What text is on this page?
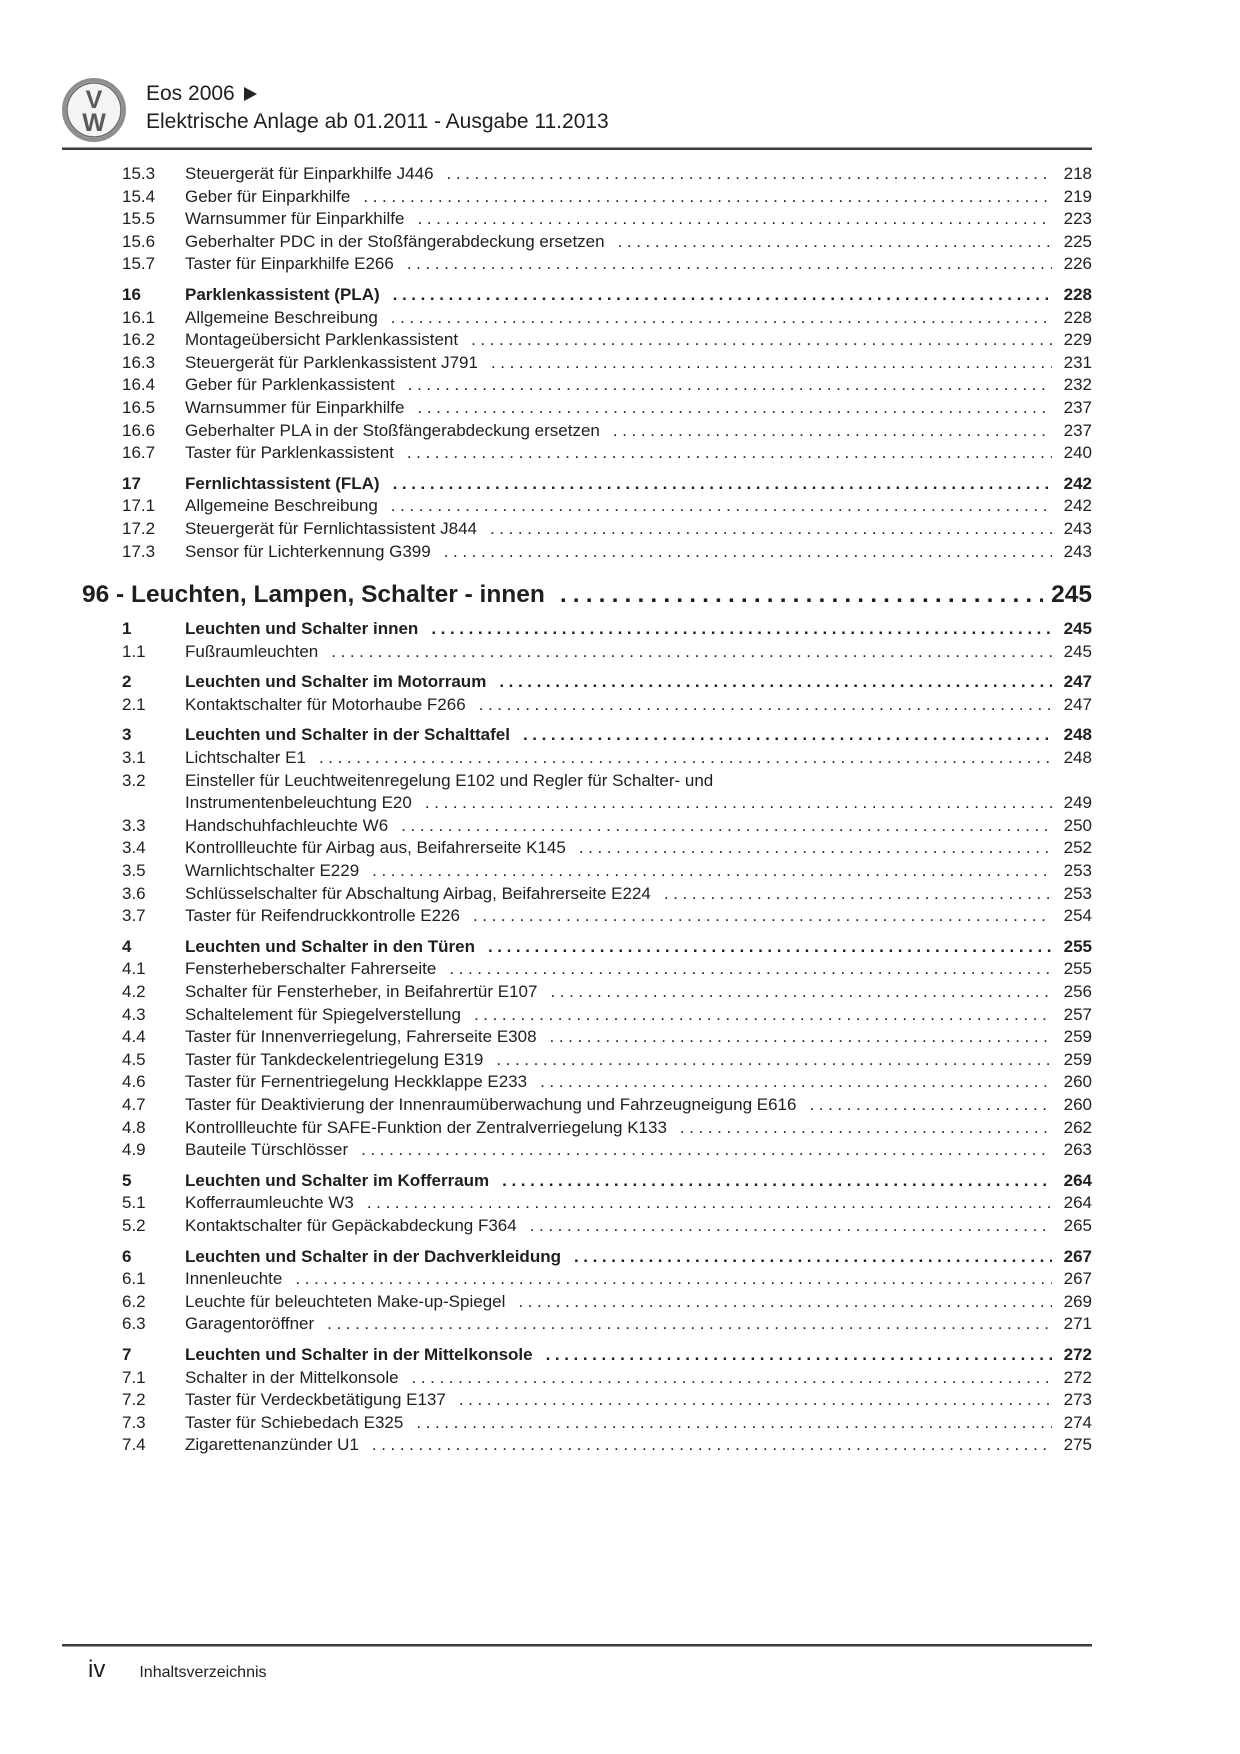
V
W
Eos 2006
Elektrische Anlage ab 01.2011 - Ausgabe 11.2013
15.3	Steuergerät für Einparkhilfe J446 .....	218
15.4	Geber für Einparkhilfe .....	219
15.5	Warnsummer für Einparkhilfe .....	223
15.6	Geberhalter PDC in der Stoßfängerabdeckung ersetzen .....	225
15.7	Taster für Einparkhilfe E266 .....	226
16	Parklenkassistent (PLA) .....	228
16.1	Allgemeine Beschreibung .....	228
16.2	Montageübersicht Parklenkassistent .....	229
16.3	Steuergerät für Parklenkassistent J791 .....	231
16.4	Geber für Parklenkassistent .....	232
16.5	Warnsummer für Einparkhilfe .....	237
16.6	Geberhalter PLA in der Stoßfängerabdeckung ersetzen .....	237
16.7	Taster für Parklenkassistent .....	240
17	Fernlichtassistent (FLA) .....	242
17.1	Allgemeine Beschreibung .....	242
17.2	Steuergerät für Fernlichtassistent J844 .....	243
17.3	Sensor für Lichterkennung G399 .....	243
96 - Leuchten, Lampen, Schalter - innen .....	245
1	Leuchten und Schalter innen .....	245
1.1	Fußraumleuchten .....	245
2	Leuchten und Schalter im Motorraum .....	247
2.1	Kontaktschalter für Motorhaube F266 .....	247
3	Leuchten und Schalter in der Schalttafel .....	248
3.1	Lichtschalter E1 .....	248
3.2	Einsteller für Leuchtweitenregelung E102 und Regler für Schalter- und
Instrumentenbeleuchtung E20 .....	249
3.3	Handschuhfachleuchte W6 .....	250
3.4	Kontrollleuchte für Airbag aus, Beifahrerseite K145 .....	252
3.5	Warnlichtschalter E229 .....	253
3.6	Schlüsselschalter für Abschaltung Airbag, Beifahrerseite E224 .....	253
3.7	Taster für Reifendruckkontrolle E226 .....	254
4	Leuchten und Schalter in den Türen .....	255
4.1	Fensterheberschalter Fahrerseite .....	255
4.2	Schalter für Fensterheber, in Beifahrertür E107 .....	256
4.3	Schaltelement für Spiegelverstellung .....	257
4.4	Taster für Innenverriegelung, Fahrerseite E308 .....	259
4.5	Taster für Tankdeckelentriegelung E319 .....	259
4.6	Taster für Fernentriegelung Heckklappe E233 .....	260
4.7	Taster für Deaktivierung der Innenraumüberwachung und Fahrzeugneigung E616 .....	260
4.8	Kontrollleuchte für SAFE-Funktion der Zentralverriegelung K133 .....	262
4.9	Bauteile Türschlösser .....	263
5	Leuchten und Schalter im Kofferraum .....	264
5.1	Kofferraumleuchte W3 .....	264
5.2	Kontaktschalter für Gepäckabdeckung F364 .....	265
6	Leuchten und Schalter in der Dachverkleidung .....	267
6.1	Innenleuchte .....	267
6.2	Leuchte für beleuchteten Make-up-Spiegel .....	269
6.3	Garagentoröffner .....	271
7	Leuchten und Schalter in der Mittelkonsole .....	272
7.1	Schalter in der Mittelkonsole .....	272
7.2	Taster für Verdeckbetätigung E137 .....	273
7.3	Taster für Schiebedach E325 .....	274
7.4	Zigarettenanzünder U1 .....	275
iv Inhaltsverzeichnis
